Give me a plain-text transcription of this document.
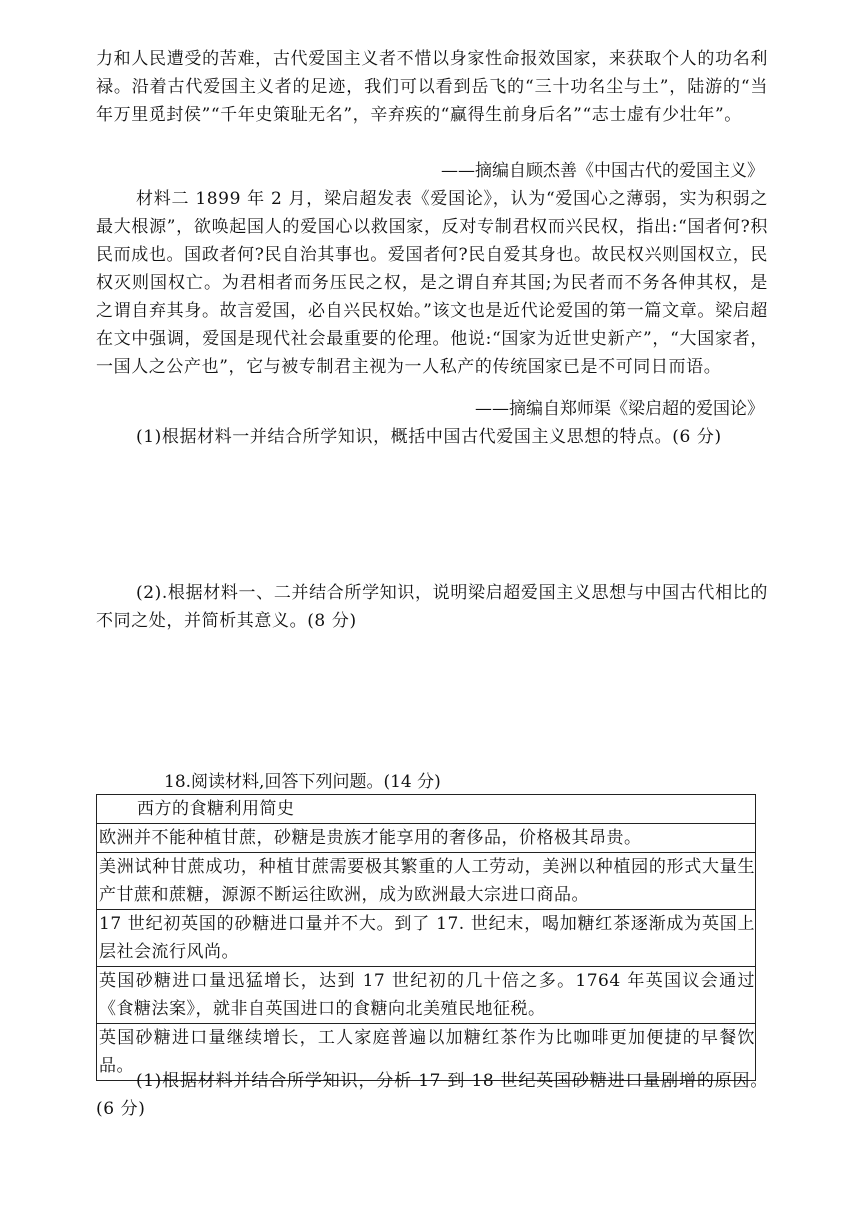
力和人民遭受的苦难，古代爱国主义者不惜以身家性命报效国家，来获取个人的功名利禄。沿着古代爱国主义者的足迹，我们可以看到岳飞的“三十功名尘与土”，陆游的“当年万里觅封侯”“千年史策耻无名”，辛弃疾的“赢得生前身后名”“志士虚有少壮年”。

——摘编自顾杰善《中国古代的爱国主义》

材料二 1899 年 2 月，梁启超发表《爱国论》，认为“爱国心之薄弱，实为积弱之最大根源”，欲唤起国人的爱国心以救国家，反对专制君权而兴民权，指出:“国者何?积民而成也。国政者何?民自治其事也。爱国者何?民自爱其身也。故民权兴则国权立，民权灭则国权亡。为君相者而务压民之权，是之谓自弃其国;为民者而不务各伸其权，是之谓自弃其身。故言爱国，必自兴民权始。”该文也是近代论爱国的第一篇文章。梁启超在文中强调，爱国是现代社会最重要的伦理。他说:“国家为近世史新产”，“大国家者，一国人之公产也”，它与被专制君主视为一人私产的传统国家已是不可同日而语。

——摘编自郑师渠《梁启超的爱国论》

(1)根据材料一并结合所学知识，概括中国古代爱国主义思想的特点。(6 分)

(2).根据材料一、二并结合所学知识，说明梁启超爱国主义思想与中国古代相比的不同之处，并简析其意义。(8 分)

18.阅读材料,回答下列问题。(14 分)
西方的食糖利用简史
欧洲并不能种植甘蔗，砂糖是贵族才能享用的奢侈品，价格极其昂贵。
美洲试种甘蔗成功，种植甘蔗需要极其繁重的人工劳动，美洲以种植园的形式大量生产甘蔗和蔗糖，源源不断运往欧洲，成为欧洲最大宗进口商品。
17 世纪初英国的砂糖进口量并不大。到了 17. 世纪末，喝加糖红茶逐渐成为英国上层社会流行风尚。
英国砂糖进口量迅猛增长，达到 17 世纪初的几十倍之多。1764 年英国议会通过《食糖法案》，就非自英国进口的食糖向北美殖民地征税。
英国砂糖进口量继续增长，工人家庭普遍以加糖红茶作为比咖啡更加便捷的早餐饮品。

(1)根据材料并结合所学知识，分析 17 到 18 世纪英国砂糖进口量剧增的原因。(6 分)
